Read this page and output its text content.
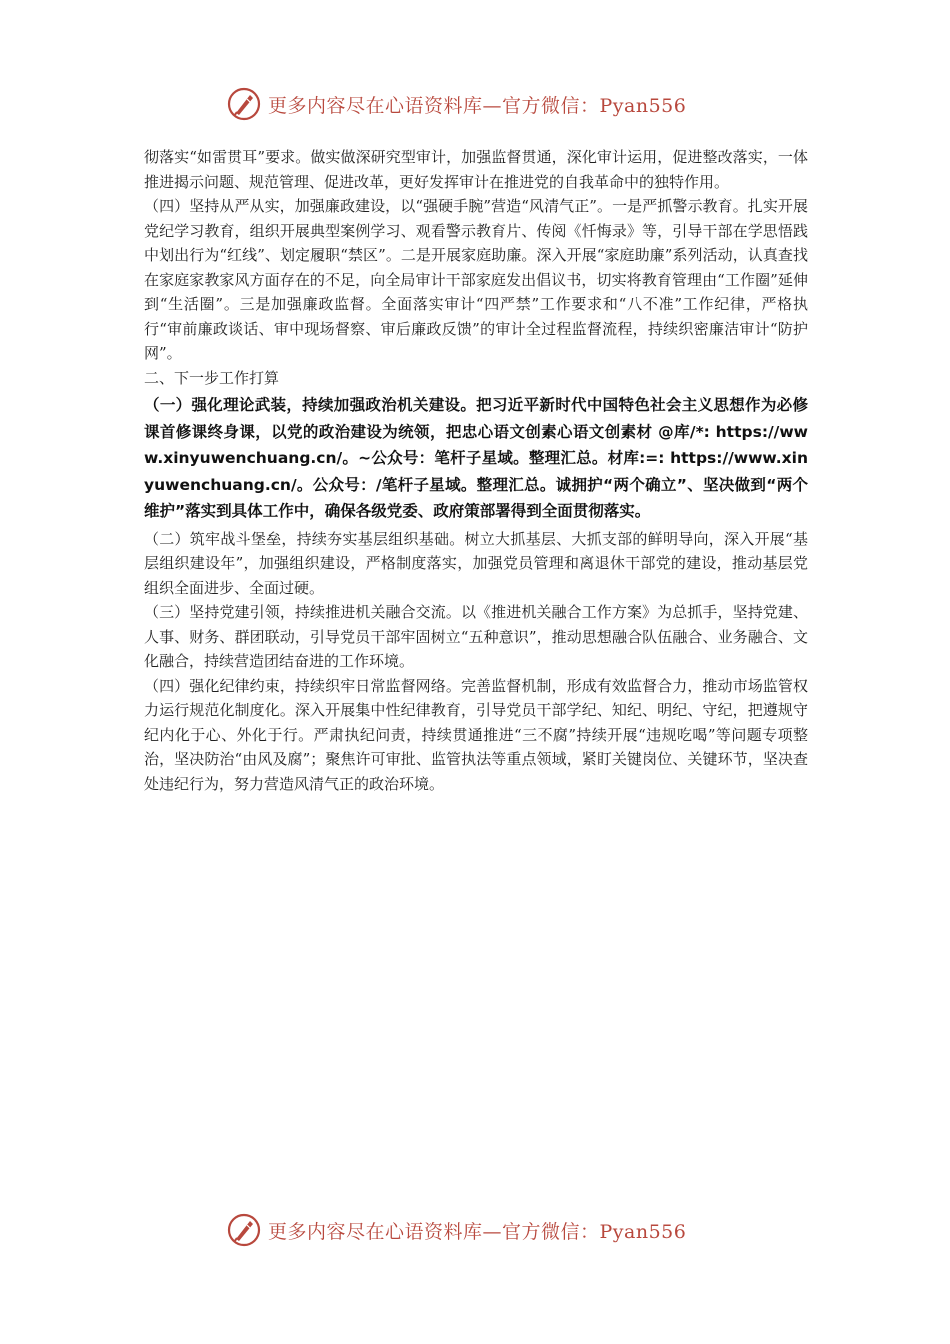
更多内容尽在心语资料库—官方微信：Pyan556

彻落实“如雷贯耳”要求。做实做深研究型审计，加强监督贯通，深化审计运用，促进整改落实，一体推进揭示问题、规范管理、促进改革，更好发挥审计在推进党的自我革命中的独特作用。

（四）坚持从严从实，加强廉政建设，以“强硬手腕”营造“风清气正”。一是严抓警示教育。扎实开展党纪学习教育，组织开展典型案例学习、观看警示教育片、传阅《忏悔录》等，引导干部在学思悟践中划出行为“红线”、划定履职“禁区”。二是开展家庭助廉。深入开展“家庭助廉”系列活动，认真查找在家庭家教家风方面存在的不足，向全局审计干部家庭发出倡议书，切实将教育管理由“工作圈”延伸到“生活圈”。三是加强廉政监督。全面落实审计“四严禁”工作要求和“八不准”工作纪律，严格执行“审前廉政谈话、审中现场督察、审后廉政反馈”的审计全过程监督流程，持续织密廉洁审计“防护网”。

二、下一步工作打算

（一）强化理论武装，持续加强政治机关建设。把习近平新时代中国特色社会主义思想作为必修课首修课终身课，以党的政治建设为统领，把忠心语文创素心语文创素材 @库/*: https://www.xinyuwenchuang.cn/。~公众号：笔杆子星域。整理汇总。材库:=: https://www.xinyuwenchuang.cn/。公众号：/笔杆子星域。整理汇总。诚拥护“两个确立”、坚决做到“两个维护”落实到具体工作中，确保各级党委、政府策部署得到全面贯彻落实。

（二）筑牢战斗堡垒，持续夯实基层组织基础。树立大抓基层、大抓支部的鲜明导向，深入开展“基层组织建设年”，加强组织建设，严格制度落实，加强党员管理和离退休干部党的建设，推动基层党组织全面进步、全面过硬。

（三）坚持党建引领，持续推进机关融合交流。以《推进机关融合工作方案》为总抓手，坚持党建、人事、财务、群团联动，引导党员干部牢固树立“五种意识”，推动思想融合队伍融合、业务融合、文化融合，持续营造团结奋进的工作环境。

（四）强化纪律约束，持续织牢日常监督网络。完善监督机制，形成有效监督合力，推动市场监管权力运行规范化制度化。深入开展集中性纪律教育，引导党员干部学纪、知纪、明纪、守纪，把遵规守纪内化于心、外化于行。严肃执纪问责，持续贯通推进“三不腐”持续开展“违规吃喝”等问题专项整治，坚决防治“由风及腐”；聚焦许可审批、监管执法等重点领域，紧盯关键岗位、关键环节，坚决查处违纪行为，努力营造风清气正的政治环境。

更多内容尽在心语资料库—官方微信：Pyan556
